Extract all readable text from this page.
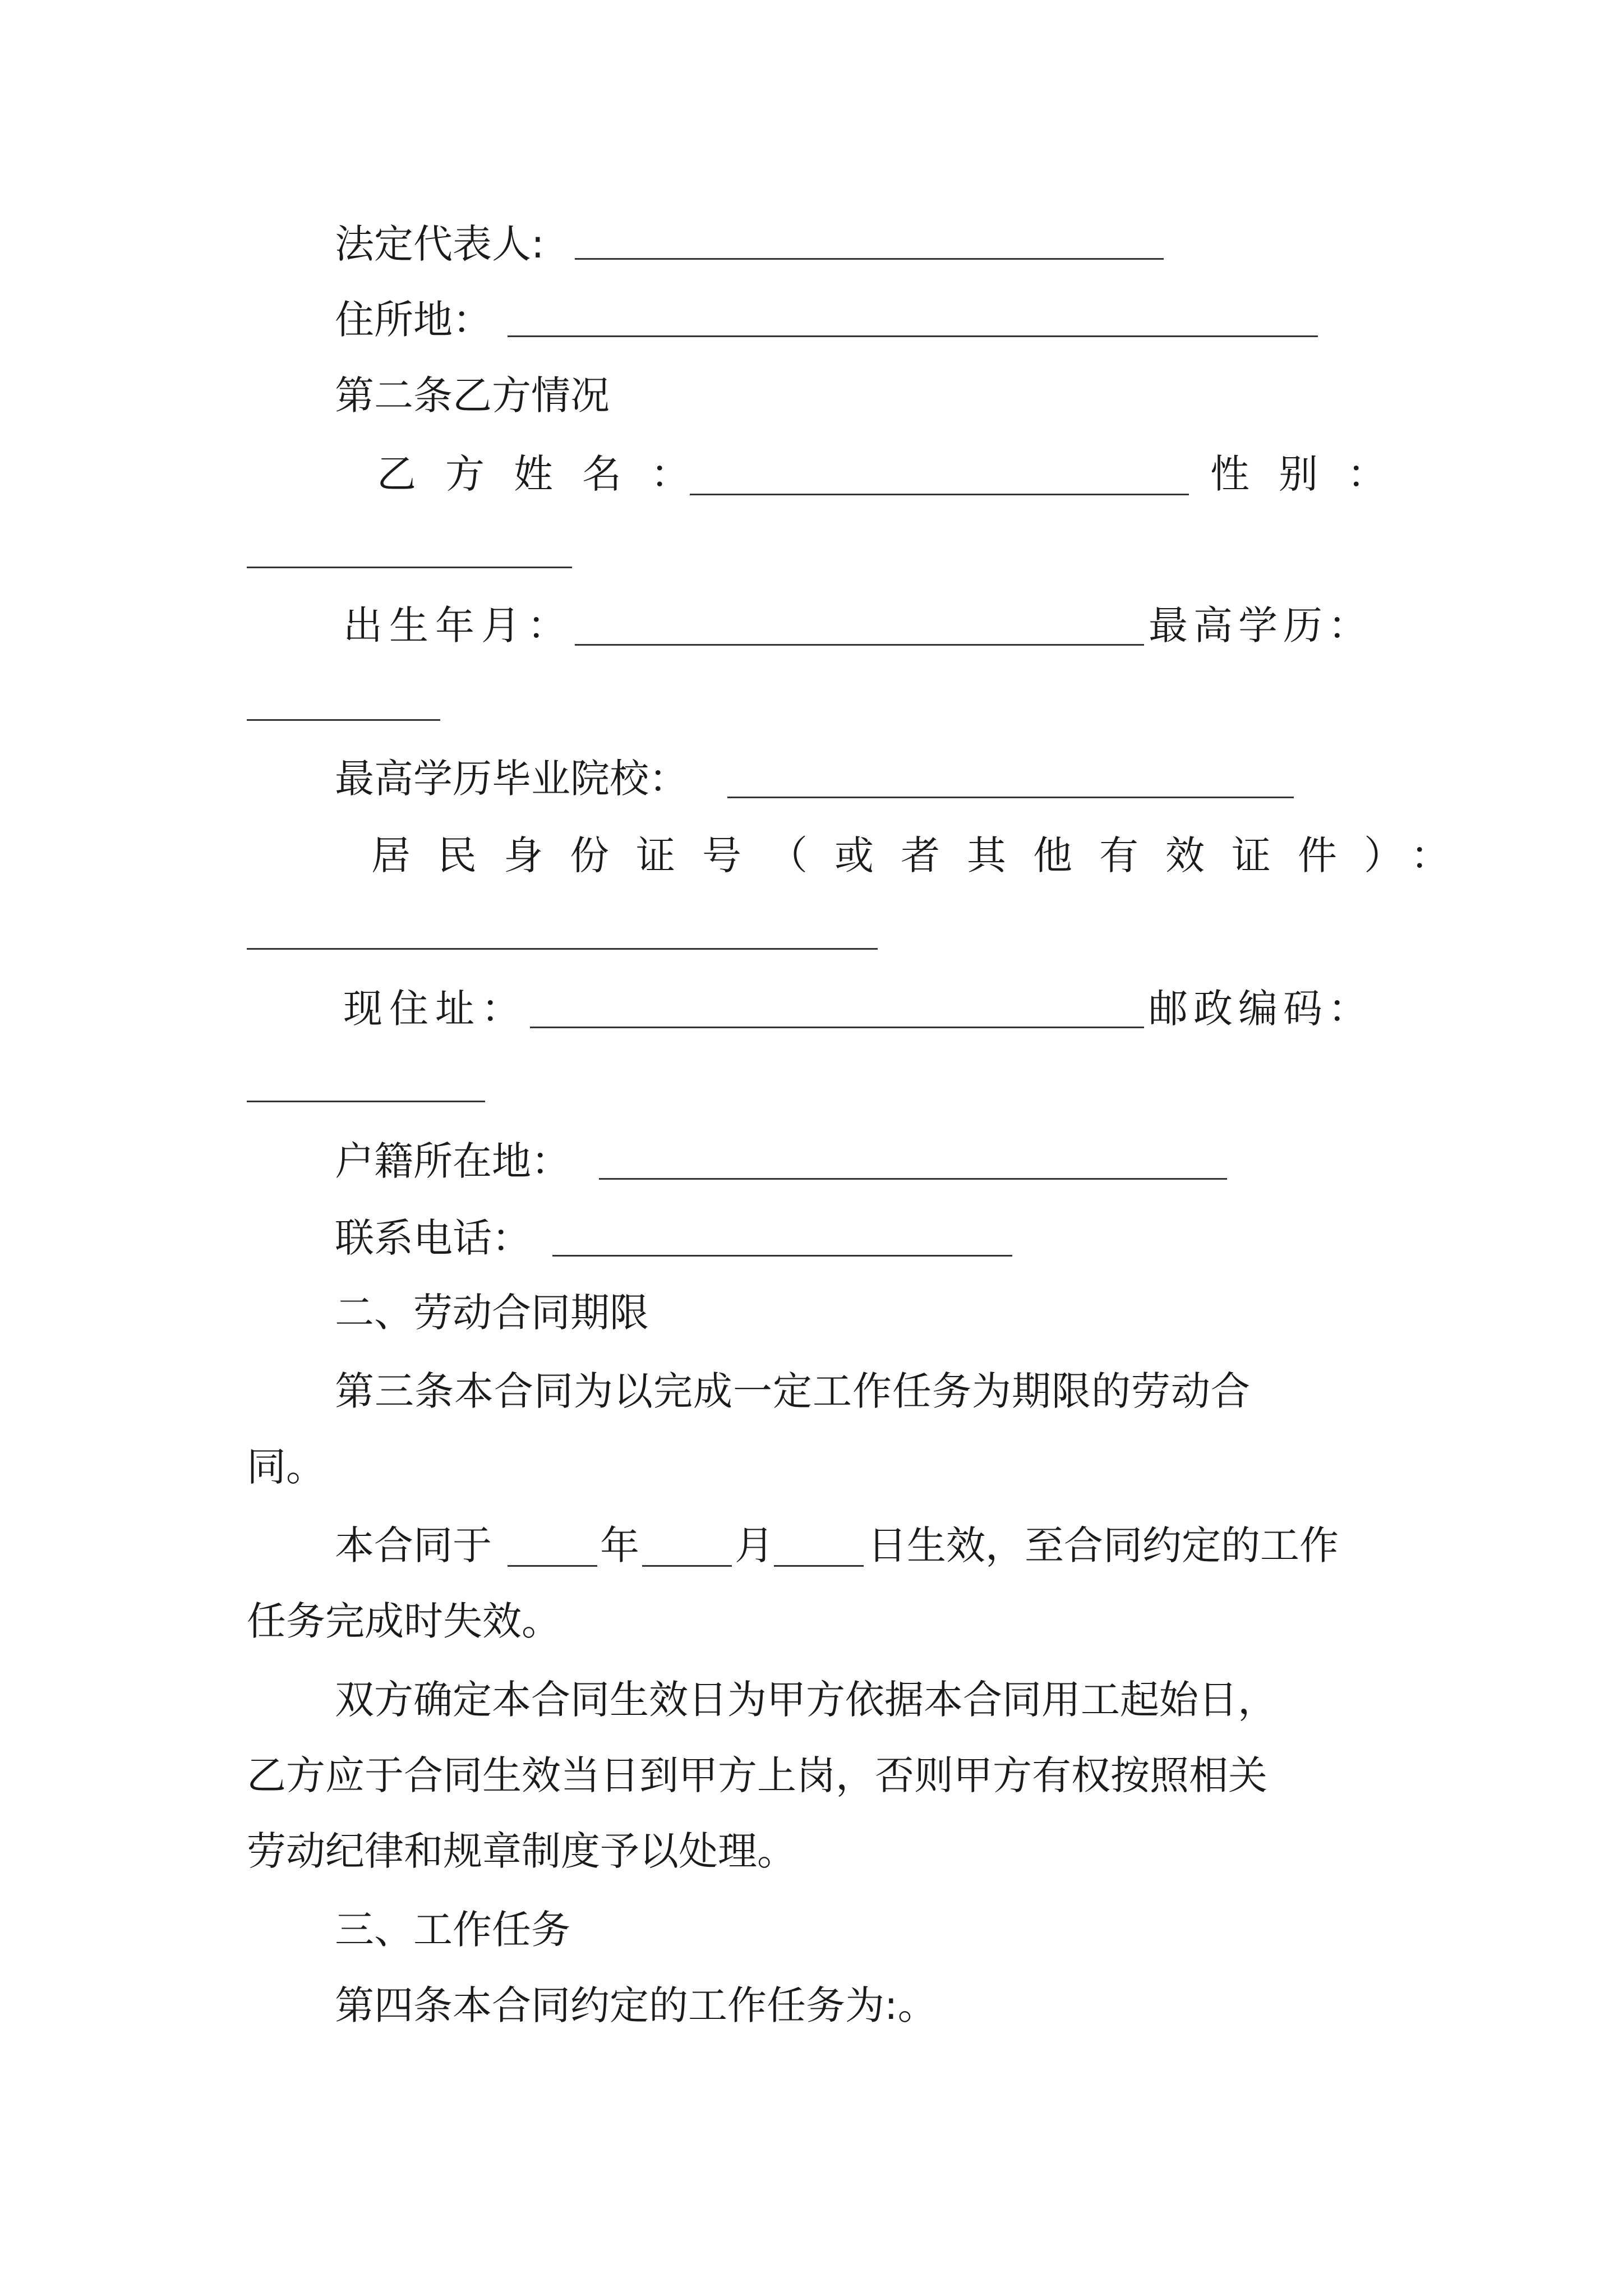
法定代表人:
住所地：
第二条乙方情况
乙方姓名：	性别：
出生年月：	最高学历：
最高学历毕业院校：
居民身份证号（或者其他有效证件）：
现住址：	邮政编码：
户籍所在地：
联系电话：
二、劳动合同期限
第三条本合同为以完成一定工作任务为期限的劳动合
同。
本合同于	年 月 日生效，至合同约定的工作
任务完成时失效。
双方确定本合同生效日为甲方依据本合同用工起始日，
乙方应于合同生效当日到甲方上岗，否则甲方有权按照相关
劳动纪律和规章制度予以处理。
三、工作任务
第四条本合同约定的工作任务为:。
